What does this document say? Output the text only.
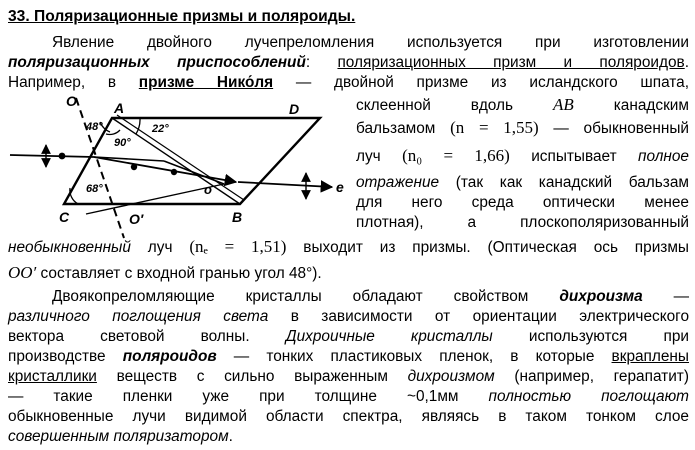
33. Поляризационные призмы и поляроиды.
Явление двойного лучепреломления используется при изготовлении
поляризационных приспособлений: поляризационных призм и поляроидов.
Например, в призме Нико́ля — двойной призме из исландского шпата,
склеенной вдоль AB канадским
бальзамом (n = 1,55) — обыкновенный
луч (n₀ = 1,66) испытывает полное
отражение (так как канадский бальзам
для него среда оптически менее
плотная), а плоскополяризованный
необыкновенный луч (nₑ = 1,51) выходит из призмы. (Оптическая ось призмы
OO′ составляет с входной гранью угол 48°).
Двоякопреломляющие кристаллы обладают свойством дихроизма —
различного поглощения света в зависимости от ориентации электрического
вектора световой волны. Дихроичные кристаллы используются при
производстве поляроидов — тонких пластиковых пленок, в которые вкраплены
кристаллики веществ с сильно выраженным дихроизмом (например, герапатит)
— такие пленки уже при толщине ~0,1мм полностью поглощают
обыкновенные лучи видимой области спектра, являясь в таком тонком слое
совершенным поляризатором.
O	A	D
C	O′	B
e
o
48°
90°
22°
68°
